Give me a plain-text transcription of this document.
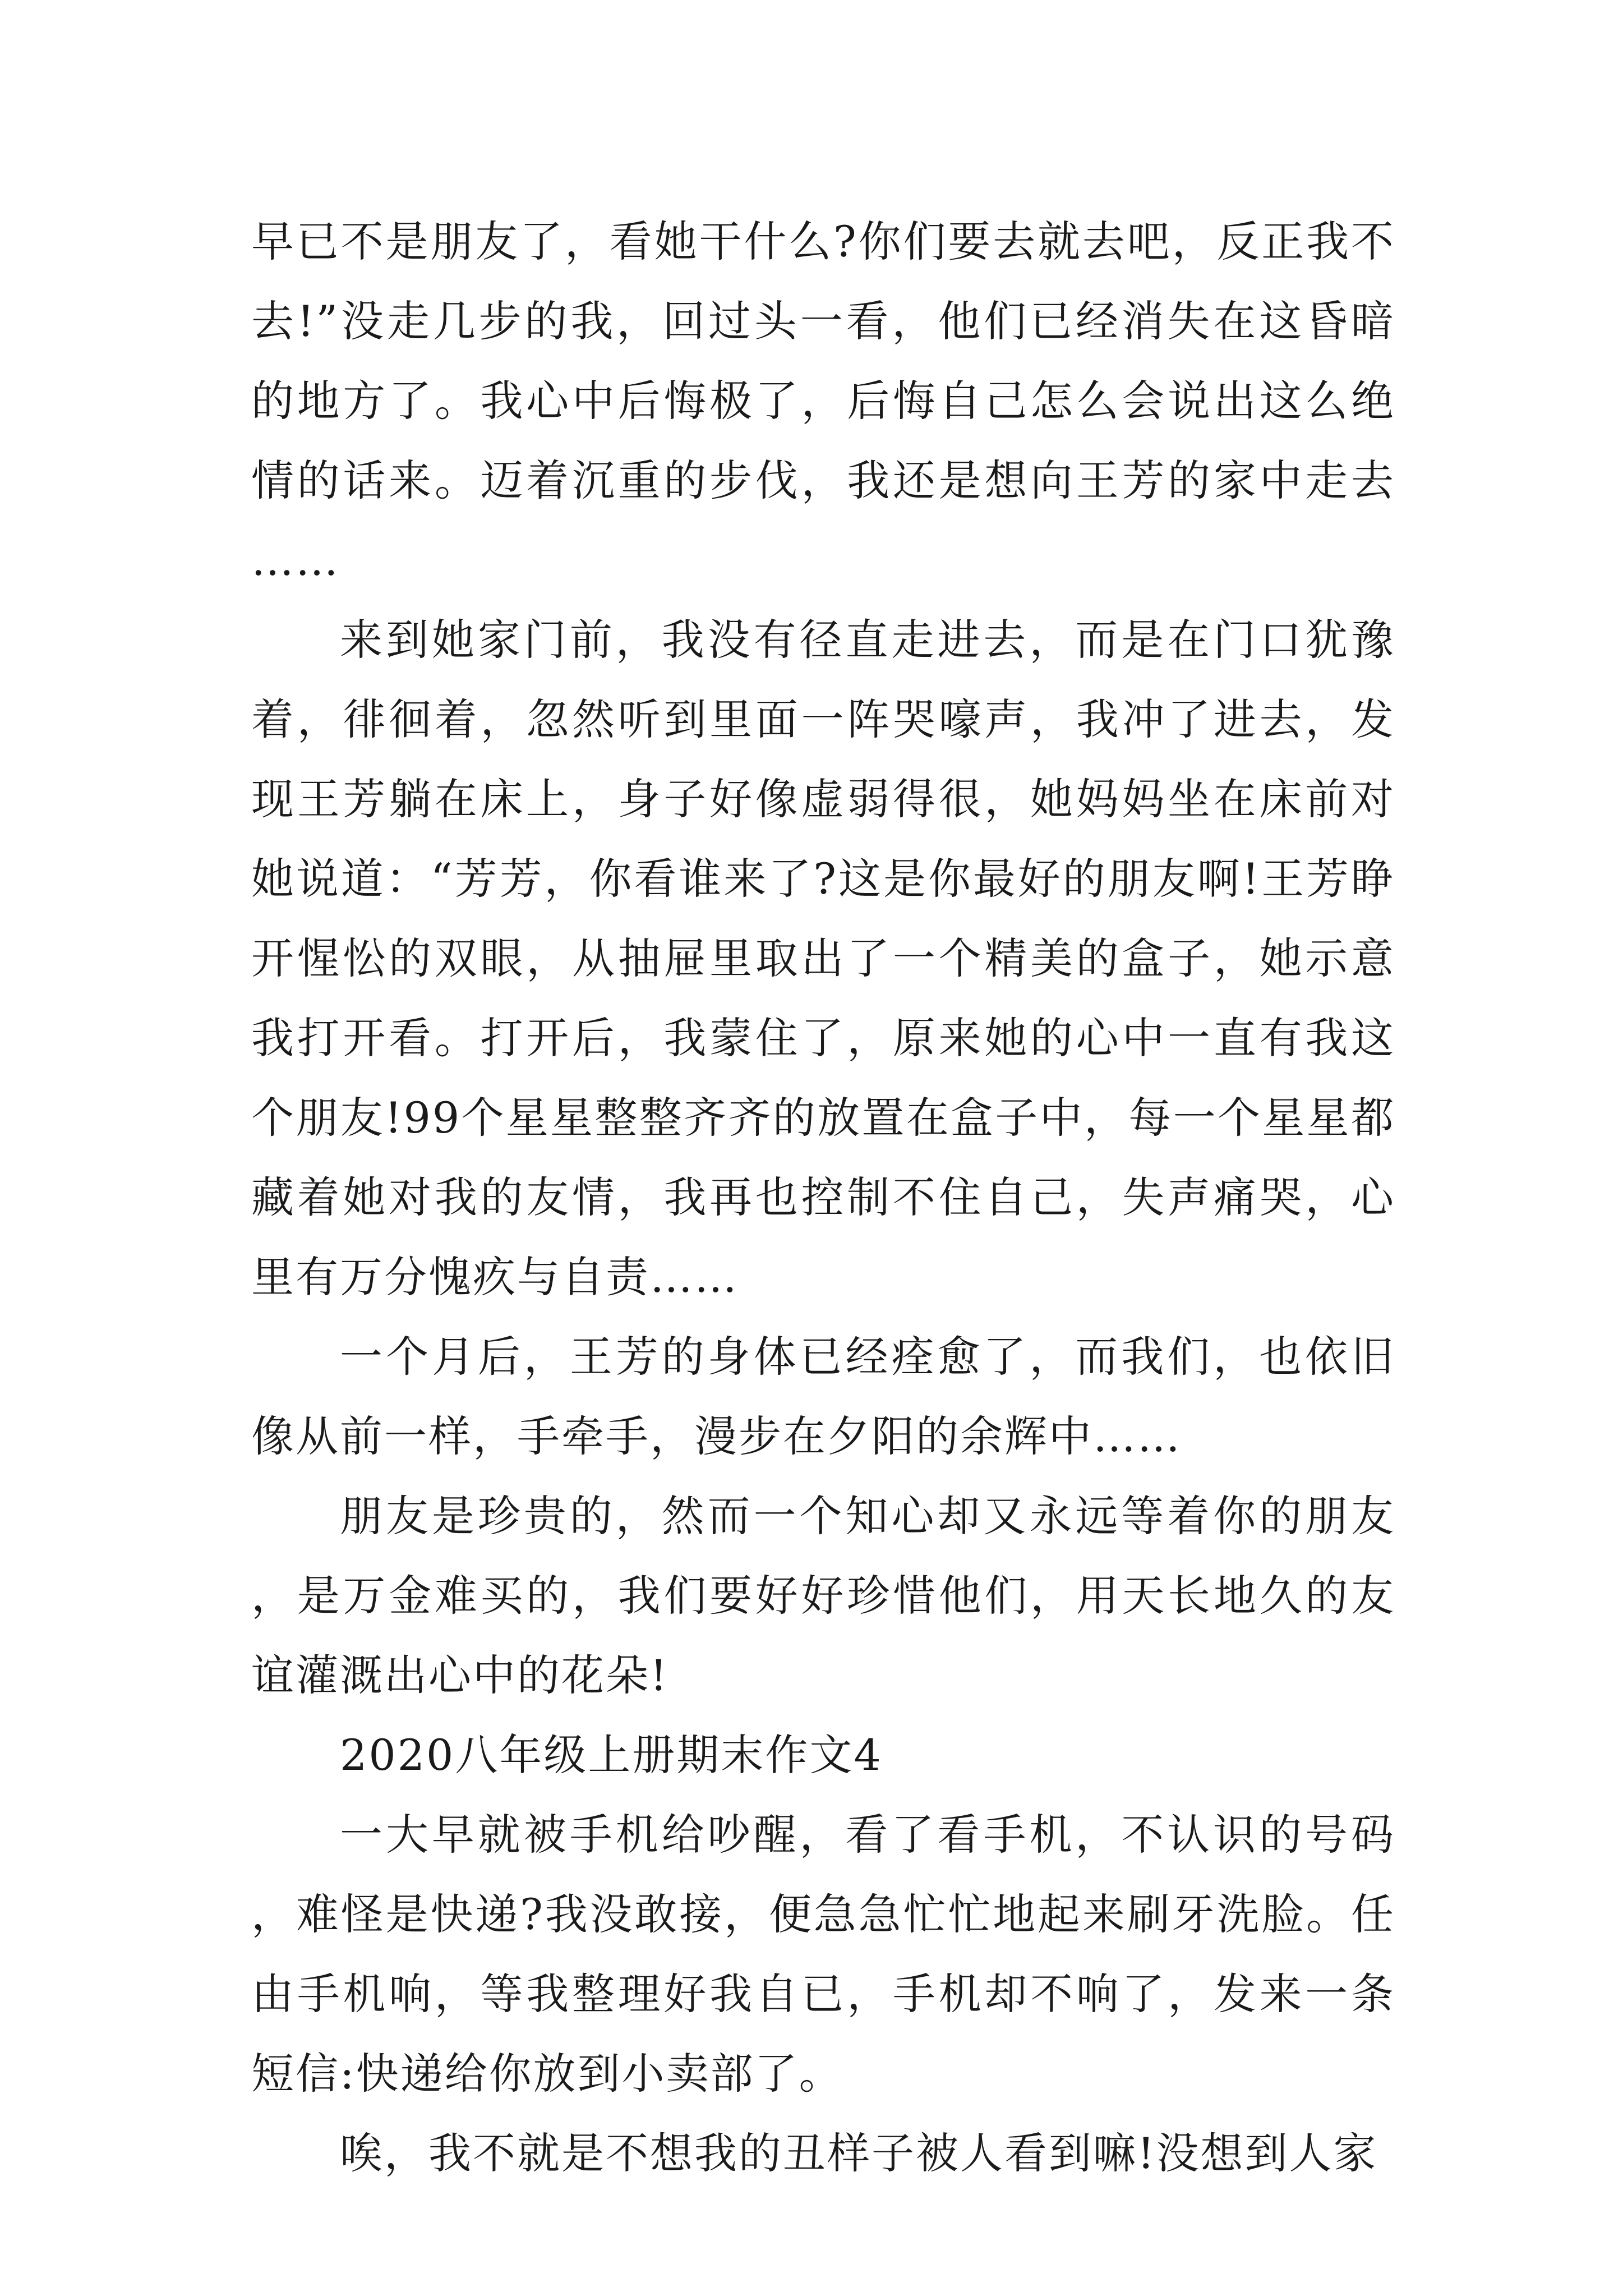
早已不是朋友了，看她干什么?你们要去就去吧，反正我不去!”没走几步的我，回过头一看，他们已经消失在这昏暗的地方了。我心中后悔极了，后悔自己怎么会说出这么绝情的话来。迈着沉重的步伐，我还是想向王芳的家中走去……

来到她家门前，我没有径直走进去，而是在门口犹豫着，徘徊着，忽然听到里面一阵哭嚎声，我冲了进去，发现王芳躺在床上，身子好像虚弱得很，她妈妈坐在床前对她说道：“芳芳，你看谁来了?这是你最好的朋友啊!王芳睁开惺忪的双眼，从抽屉里取出了一个精美的盒子，她示意我打开看。打开后，我蒙住了，原来她的心中一直有我这个朋友!99个星星整整齐齐的放置在盒子中，每一个星星都藏着她对我的友情，我再也控制不住自己，失声痛哭，心里有万分愧疚与自责……

一个月后，王芳的身体已经痊愈了，而我们，也依旧像从前一样，手牵手，漫步在夕阳的余辉中……

朋友是珍贵的，然而一个知心却又永远等着你的朋友，是万金难买的，我们要好好珍惜他们，用天长地久的友谊灌溉出心中的花朵!

2020八年级上册期末作文4

一大早就被手机给吵醒，看了看手机，不认识的号码，难怪是快递?我没敢接，便急急忙忙地起来刷牙洗脸。任由手机响，等我整理好我自已，手机却不响了，发来一条短信:快递给你放到小卖部了。

唉，我不就是不想我的丑样子被人看到嘛!没想到人家
